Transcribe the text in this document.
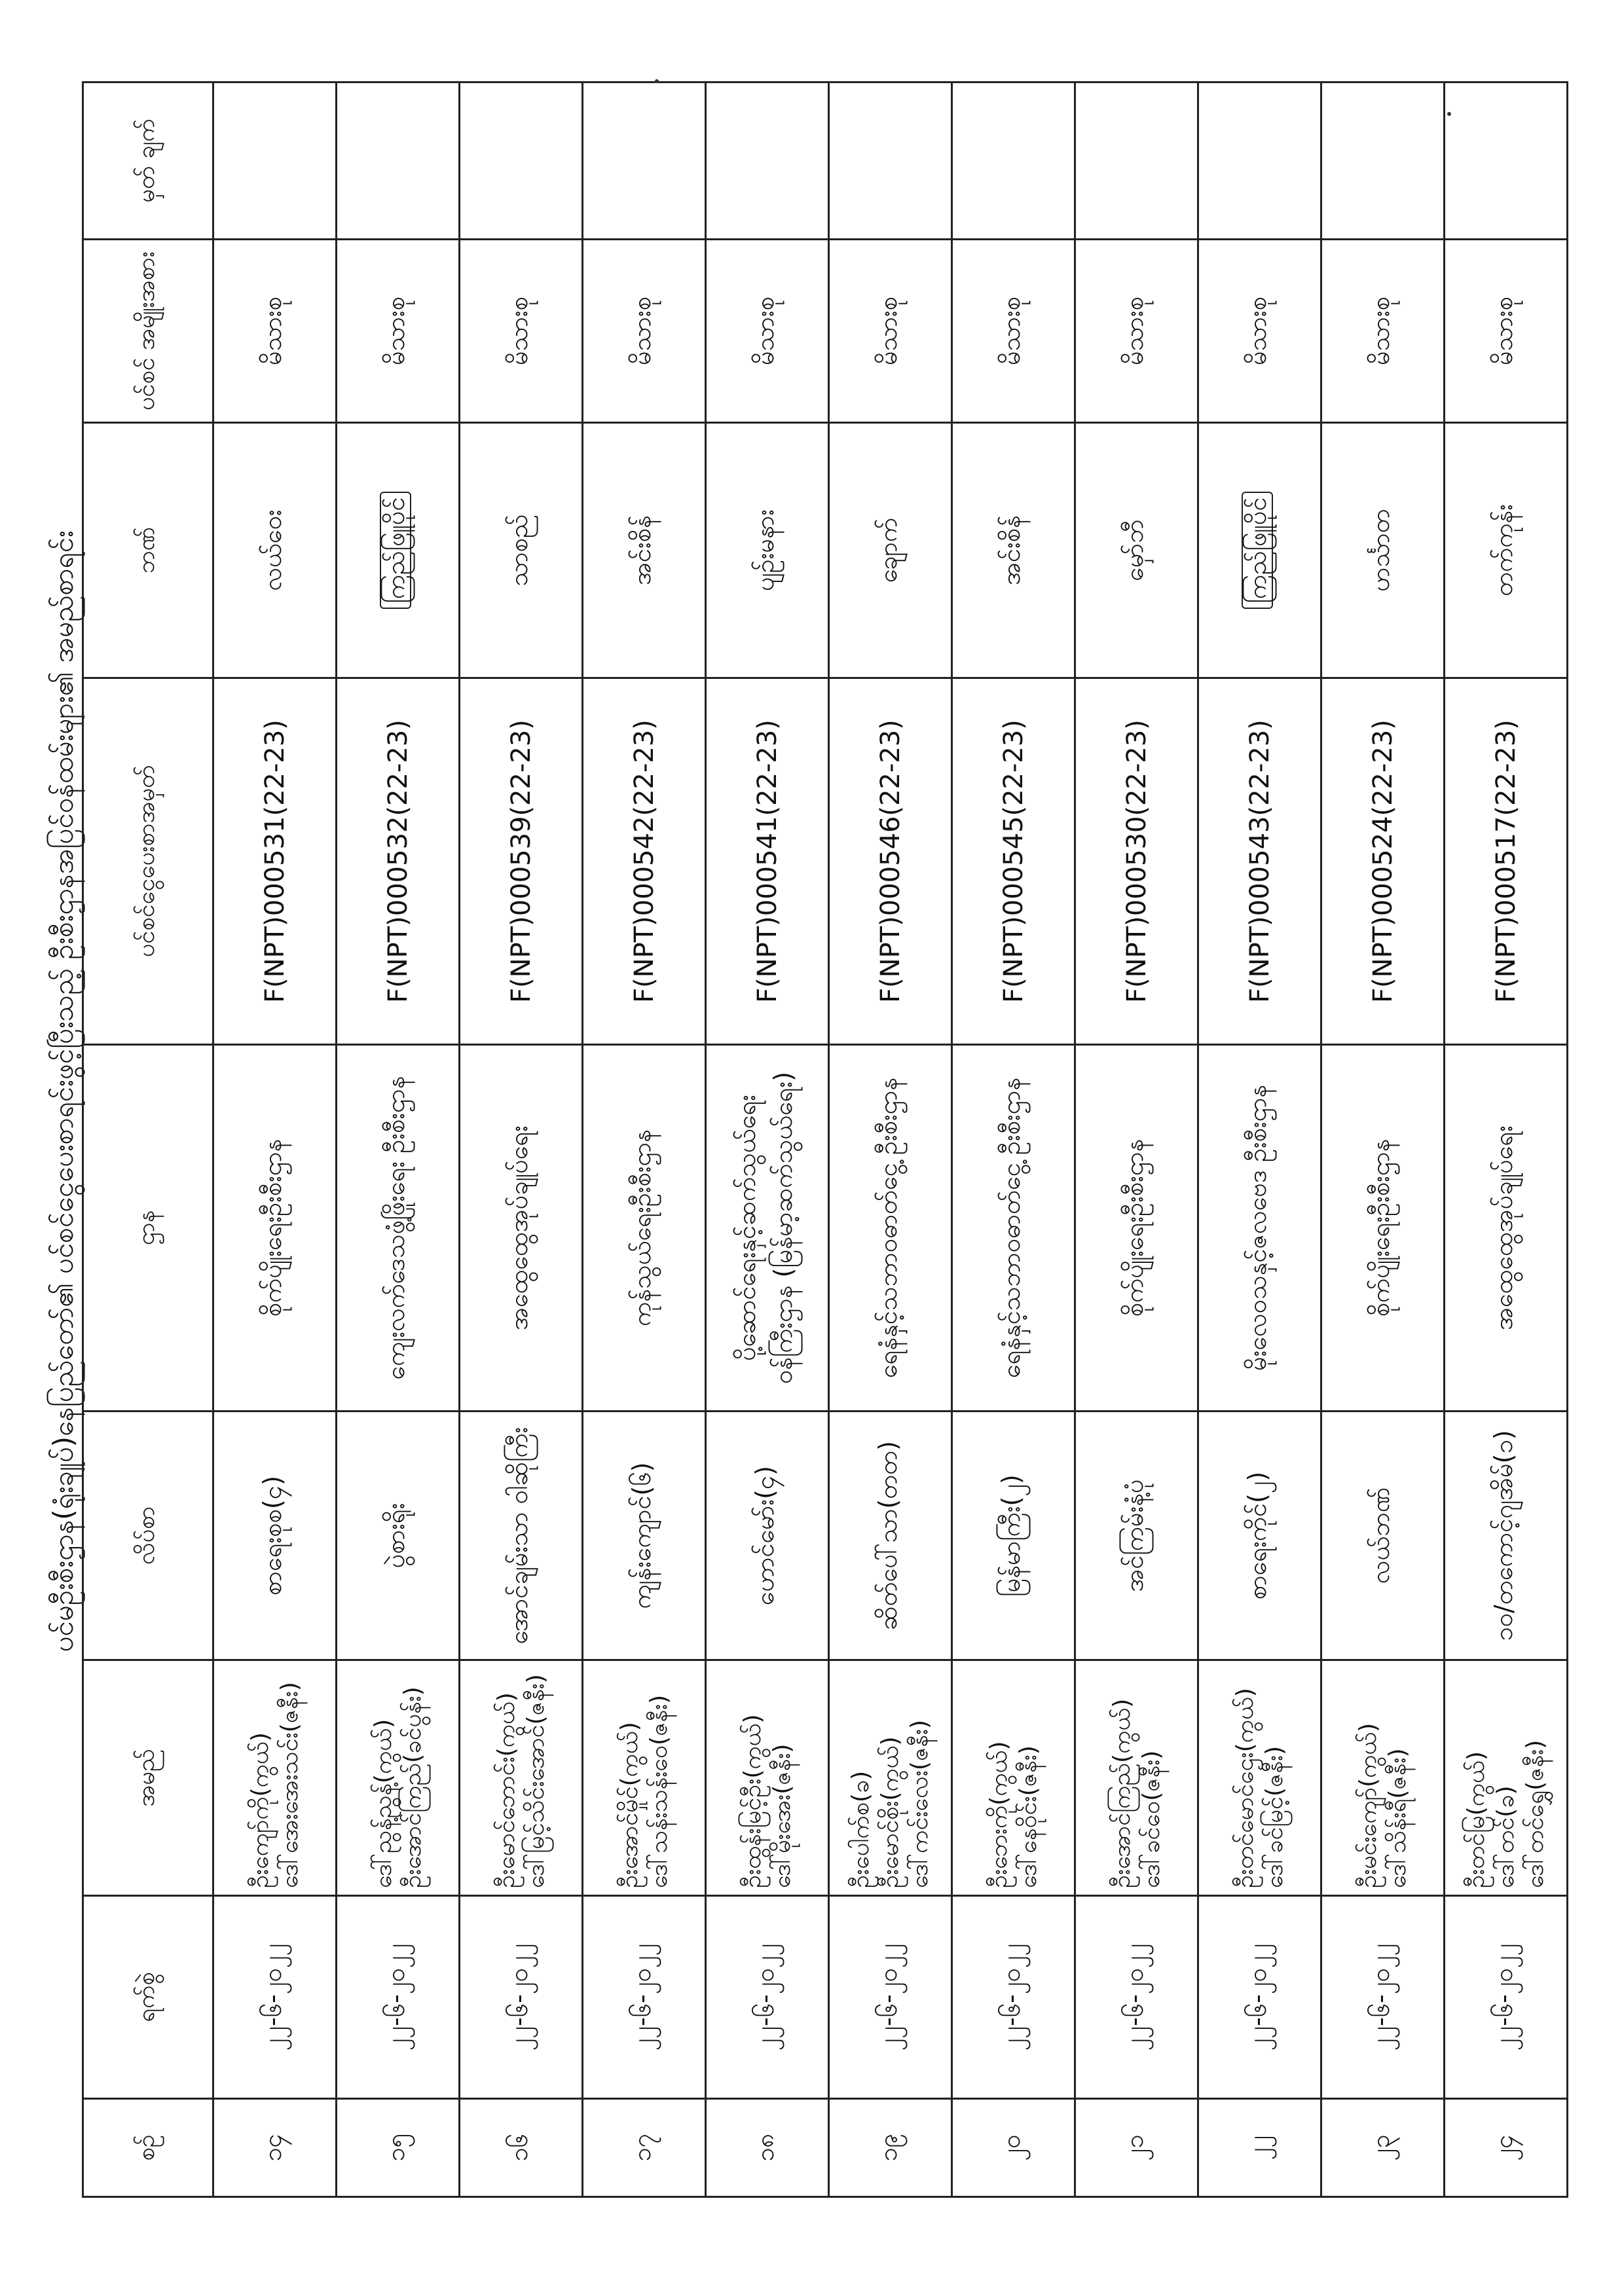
ပင်မဦးစီးဌာန(ရုံးချုပ်)နေပြည်တော်၏ ပင်စင်ငွေပေးစာရင်းဖွင့်ပြီးသည့် ဦးစီးဌာနအပြင်ဝန်ထမ်းများ၏ အမည်စာရင်း
စဉ်	ရက်စွဲ	အမည်	လိပ်စာ	ဌာန	ပင်စင်ငွေပေးစာအမှတ်	ဘဏ်	ပင်စင် အမျိုးအစား	မှတ် ချက်
၁၄	၂၂-၆-၂၀၂၂	ဦးကျော်ကို(ကွယ်) ဒေါ်အေးအေးသင်း(ဇနီး)	စာရေးစုစ(၄)	စိုက်ပျိုးရေးဦးစီးဌာန	F(NPT)000531(22-23)	လယ်ဝေး	မိသားစု	
၁၅	၂၂-၆-၂၀၂၂	ဒေါ်ညွန့်ညွန့်(ကွယ်) ဦးအောင်ကြည်(ခင်ပွန်း)	ပွဲစားရိုး	ကျေးလက်ဒေသဖွံ့ဖြိုးရေး ဦးစီးဌာန	F(NPT)000532(22-23)	ကြည်ဖြူပိုင်	မိသားစု	
၁၆	၂၂-၆-၂၀၂၂	ဦးမောင်ဘောင်း(ကွယ်) ဒေါ်မြင့်သိင်းအောင်(ဇနီး)	အောင်ချမ်းသာ ဝါဆိုကြီး	အထွေထွေအုပ်ချုပ်ရေး	F(NPT)000539(22-23)	သာစည်	မိသားစု	
၁၇	၂၂-၆-၂၀၂၂	ဦးအောင်မှိုင်(ကွယ်) ဒေါ်သန်းသန်းဝေ(ဇနီး)	ကျန်းကျောင်(၆)	ကုန်သွယ်ရေးဦးစီးဌာန	F(NPT)000542(22-23)	အင်းစိန်	မိသားစု	
၁၈	၂၂-၆-၂၀၂၂	ဦးထွန်းမြင့်ဦး(ကွယ်) ဒေါ်မိုးအေး(ဇနီး)	ဟောင်မော်း(၄)	ပို့ဆောင်ရေးနှင့်ဆက်သွယ်ရေးဝန်ကြီးဌာန (မြန်မာ့ဆက်သွယ်ရေး)	F(NPT)000541(22-23)	ပျဉ်းမနား	မိသားစု	
၁၉	၂၂-၆-၂၀၂၂	ဦးပေါက်စ(ခ) ဦးမောင်စိုး(ကွယ်) ဒေါ်ကင်းလေး(ဇနီး)	ဆိတ်ပေါ်သာ(တတ)	ရေနံနှင့်သဘာဝဓာတ်ငွေ့ ဦးစီးဌာန	F(NPT)000546(22-23)	ချောက်	မိသားစု	
၂၀	၂၂-၆-၂၀၂၂	ဦးဘေးကို(ကွယ်) ဒေါ်နေဝိုင်း(ဇနီး)	မြန်မာကြီး(၂)	ရေနံနှင့်သဘာဝဓာတ်ငွေ့ ဦးစီးဌာန	F(NPT)000545(22-23)	အင်းစိန်	မိသားစု	
၂၁	၂၂-၆-၂၀၂၂	ဦးအောင်ကြည်(ကွယ်) ဒေါ်ခင်ဝေ(ဇနီး)	အင်ကြမ်းနံ့ပုံ	စိုက်ပျိုးရေးဦးစီးဌာန	F(NPT)000530(22-23)	မှော်ဘီ	မိသားစု	
၂၂	၂၂-၆-၂၀၂၂	ဦးတင်မောင်ဌေး(ကွယ်) ဒေါ်ခင်မြင့်(ဇနီး)	စာရေးကိုင်(၂)	မိုးလေဝသနှင့်ဇလဗေဒ ဦးစီးဌာန	F(NPT)000543(22-23)	ကြည်ဖြူပိုင်	မိသားစု	
၂၃	၂၂-၆-၂၀၂၂	ဦးမင်းကျော်(ကွယ်) ဒေါ်သိန်းရီ(ဇနီး)	လယ်ဘဏ်	စိုက်ပျိုးရေးဦးစီးဌာန	F(NPT)000524(22-23)	ဟင်္သာတ	မိသားစု	
၂၄	၂၂-၆-၂၀၂၂	ဦးတင်မြ(ကွယ်) ဒေါ်တင်(ခ) ဒေါ်တင်ရွှေ(ဇနီး)	၁၀/တကောင့်ဂျအိမ်(၁)	အထွေထွေအုပ်ချုပ်ရေး	F(NPT)000517(22-23)	တက်ကုန်း	မိသားစု	
